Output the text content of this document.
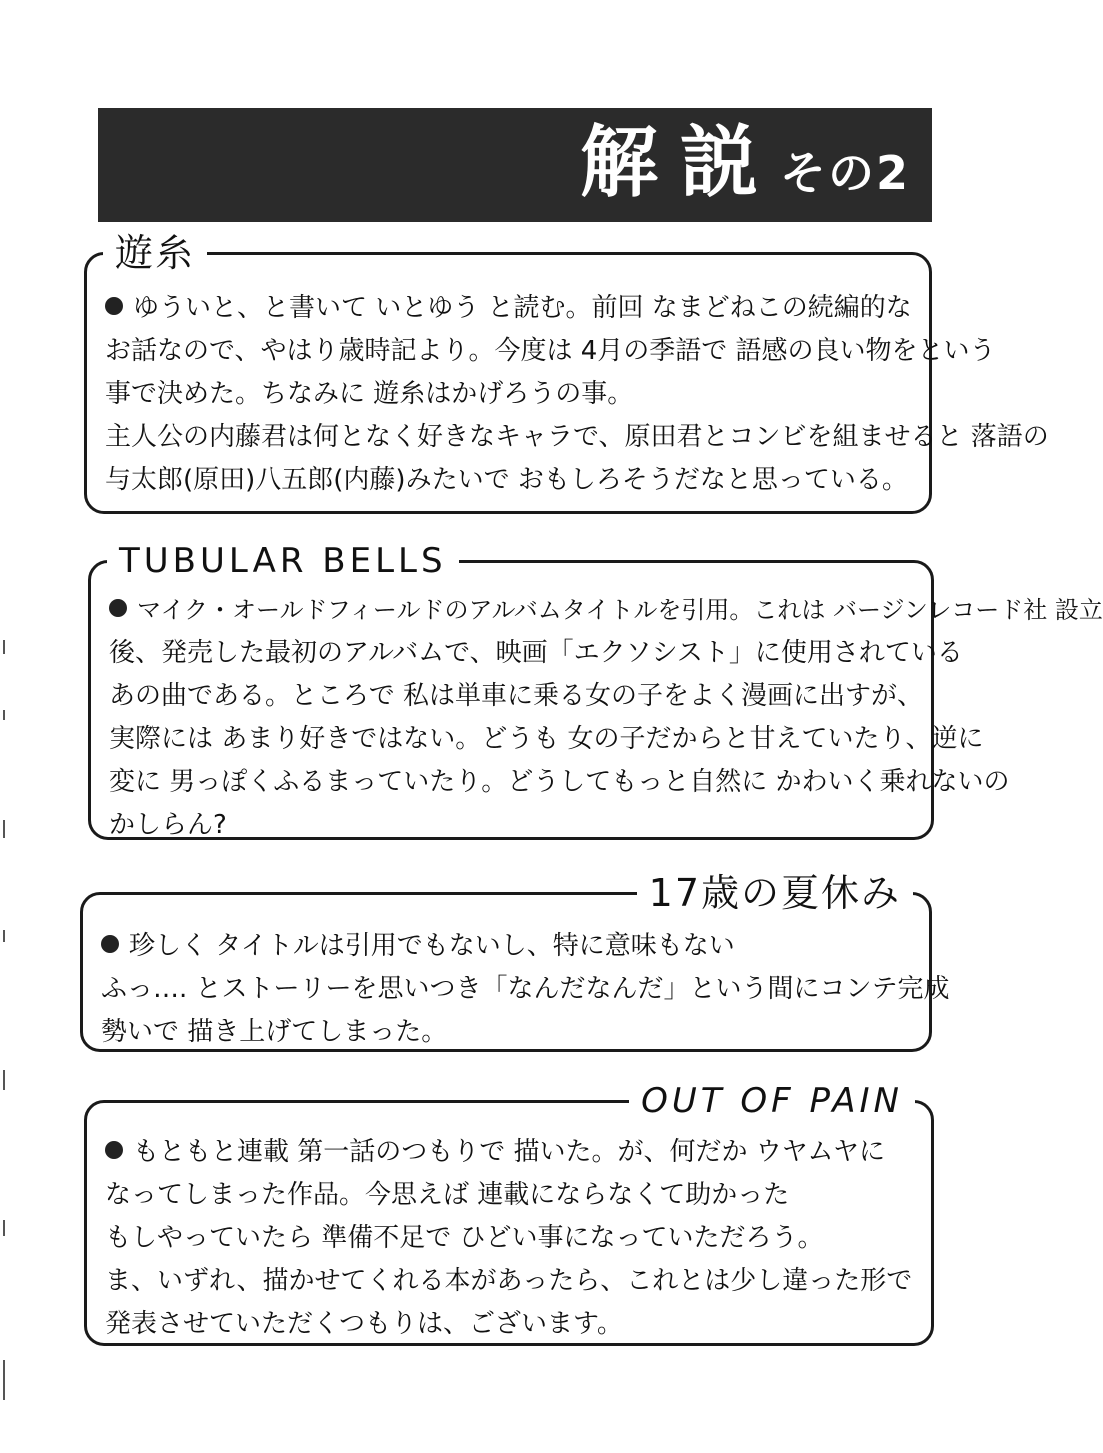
解説その2
遊糸
ゆういと、と書いて いとゆう と読む。前回 なまどねこの続編的な
お話なので、やはり歳時記より。今度は 4月の季語で 語感の良い物をという
事で決めた。ちなみに 遊糸はかげろうの事。
主人公の内藤君は何となく好きなキャラで、原田君とコンビを組ませると 落語の
与太郎(原田)八五郎(内藤)みたいで おもしろそうだなと思っている。
TUBULAR BELLS
マイク・オールドフィールドのアルバムタイトルを引用。これは バージンレコード社 設立
後、発売した最初のアルバムで、映画「エクソシスト」に使用されている
あの曲である。ところで 私は単車に乗る女の子をよく漫画に出すが、
実際には あまり好きではない。どうも 女の子だからと甘えていたり、逆に
変に 男っぽくふるまっていたり。どうしてもっと自然に かわいく乗れないの
かしらん?
17歳の夏休み
珍しく タイトルは引用でもないし、特に意味もない
ふっ…. とストーリーを思いつき「なんだなんだ」という間にコンテ完成
勢いで 描き上げてしまった。
OUT OF PAIN
もともと連載 第一話のつもりで 描いた。が、何だか ウヤムヤに
なってしまった作品。今思えば 連載にならなくて助かった
もしやっていたら 準備不足で ひどい事になっていただろう。
ま、いずれ、描かせてくれる本があったら、これとは少し違った形で
発表させていただくつもりは、ございます。
